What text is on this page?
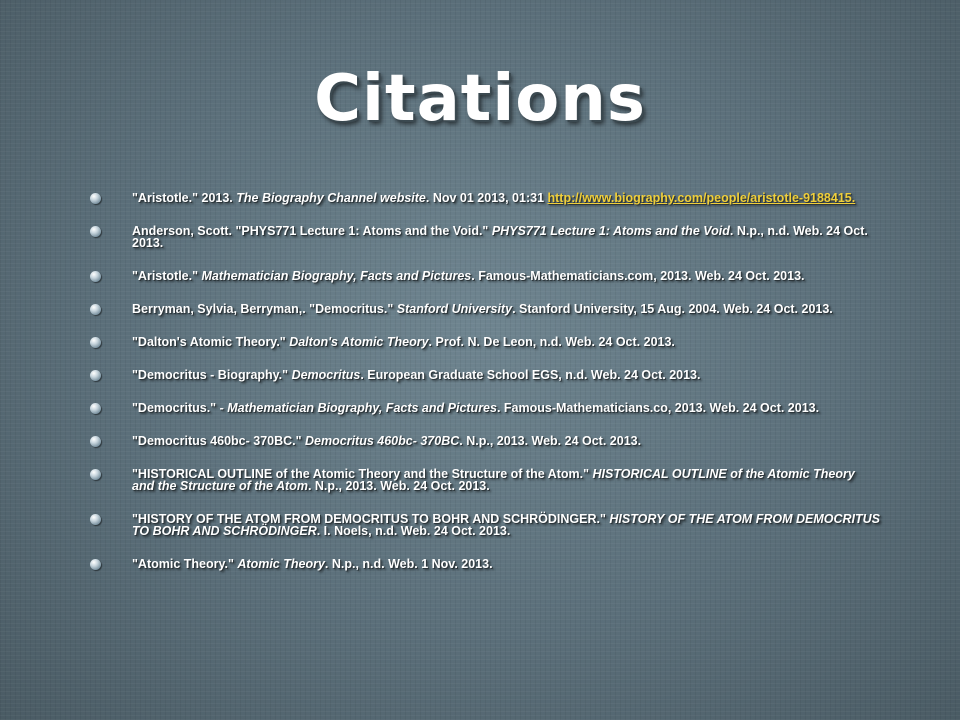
Citations
"Aristotle." 2013. The Biography Channel website. Nov 01 2013, 01:31 http://www.biography.com/people/aristotle-9188415.
Anderson, Scott. "PHYS771 Lecture 1: Atoms and the Void." PHYS771 Lecture 1: Atoms and the Void. N.p., n.d. Web. 24 Oct. 2013.
"Aristotle." Mathematician Biography, Facts and Pictures. Famous-Mathematicians.com, 2013. Web. 24 Oct. 2013.
Berryman, Sylvia, Berryman,. "Democritus." Stanford University. Stanford University, 15 Aug. 2004. Web. 24 Oct. 2013.
"Dalton's Atomic Theory." Dalton's Atomic Theory. Prof. N. De Leon, n.d. Web. 24 Oct. 2013.
"Democritus - Biography." Democritus. European Graduate School EGS, n.d. Web. 24 Oct. 2013.
"Democritus." - Mathematician Biography, Facts and Pictures. Famous-Mathematicians.co, 2013. Web. 24 Oct. 2013.
"Democritus 460bc- 370BC." Democritus 460bc- 370BC. N.p., 2013. Web. 24 Oct. 2013.
"HISTORICAL OUTLINE of the Atomic Theory and the Structure of the Atom." HISTORICAL OUTLINE of the Atomic Theory and the Structure of the Atom. N.p., 2013. Web. 24 Oct. 2013.
"HISTORY OF THE ATOM FROM DEMOCRITUS TO BOHR AND SCHRÖDINGER." HISTORY OF THE ATOM FROM DEMOCRITUS TO BOHR AND SCHRÖDINGER. I. Noels, n.d. Web. 24 Oct. 2013.
"Atomic Theory." Atomic Theory. N.p., n.d. Web. 1 Nov. 2013.
